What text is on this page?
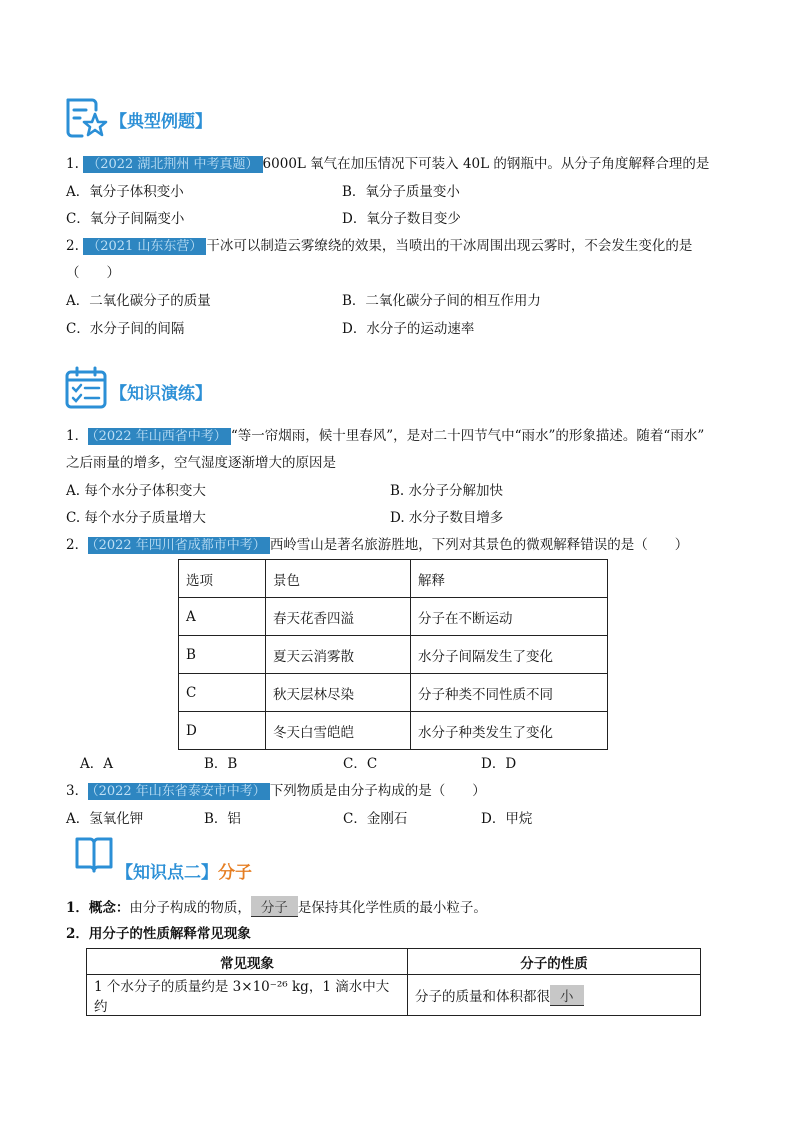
【典型例题】
1. （2022 湖北荆州 中考真题） 6000L 氧气在加压情况下可装入 40L 的钢瓶中。从分子角度解释合理的是
A．氧分子体积变小	B．氧分子质量变小
C．氧分子间隔变小	D．氧分子数目变少
2. （2021 山东东营） 干冰可以制造云雾缭绕的效果，当喷出的干冰周围出现云雾时，不会发生变化的是
（　　）
A．二氧化碳分子的质量	B．二氧化碳分子间的相互作用力
C．水分子间的间隔	D．水分子的运动速率
【知识演练】
1． （2022 年山西省中考） “等一帘烟雨，候十里春风”，是对二十四节气中“雨水”的形象描述。随着“雨水”
之后雨量的增多，空气湿度逐渐增大的原因是
A. 每个水分子体积变大	B. 水分子分解加快
C. 每个水分子质量增大	D. 水分子数目增多
2． （2022 年四川省成都市中考） 西岭雪山是著名旅游胜地，下列对其景色的微观解释错误的是（　　）
选项	景色	解释
A	春天花香四溢	分子在不断运动
B	夏天云消雾散	水分子间隔发生了变化
C	秋天层林尽染	分子种类不同性质不同
D	冬天白雪皑皑	水分子种类发生了变化
A．A	B．B	C．C	D．D
3． （2022 年山东省泰安市中考） 下列物质是由分子构成的是（　　）
A．氢氧化钾	B．铝	C．金刚石	D．甲烷
【知识点二】分子
1．概念：由分子构成的物质， 分子 是保持其化学性质的最小粒子。
2．用分子的性质解释常见现象
常见现象	分子的性质
1 个水分子的质量约是 3×10⁻²⁶ kg，1 滴水中大约	分子的质量和体积都很 小
